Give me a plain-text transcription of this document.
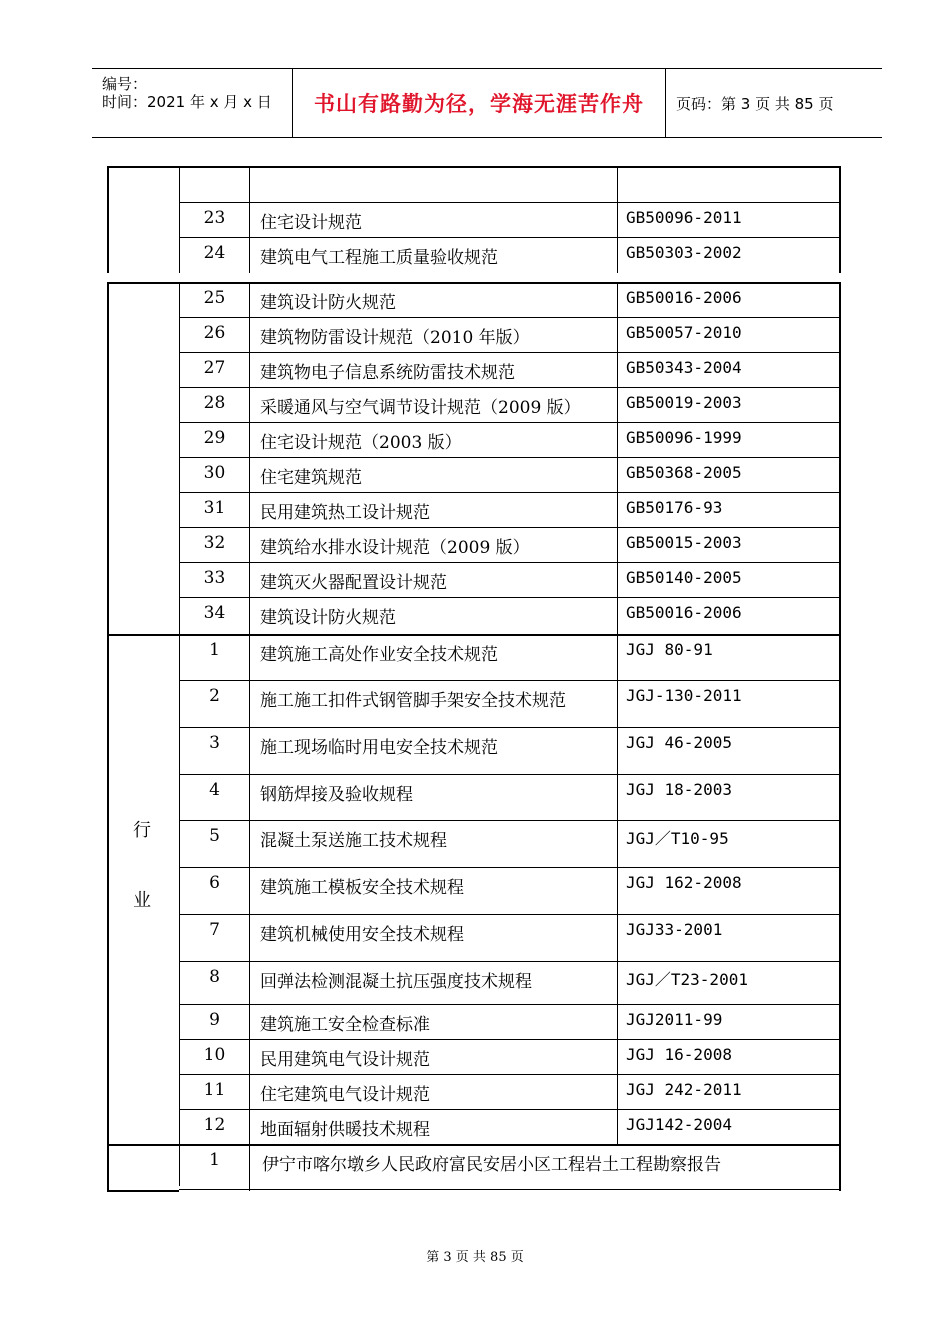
编号：
时间：2021 年 x 月 x 日 书山有路勤为径，学海无涯苦作舟 页码：第 3 页 共 85 页
行
业
23	住宅设计规范	GB50096-2011
24	建筑电气工程施工质量验收规范	GB50303-2002
25	建筑设计防火规范	GB50016-2006
26	建筑物防雷设计规范（2010 年版）	GB50057-2010
27	建筑物电子信息系统防雷技术规范	GB50343-2004
28	采暖通风与空气调节设计规范（2009 版）	GB50019-2003
29	住宅设计规范（2003 版）	GB50096-1999
30	住宅建筑规范	GB50368-2005
31	民用建筑热工设计规范	GB50176-93
32	建筑给水排水设计规范（2009 版）	GB50015-2003
33	建筑灭火器配置设计规范	GB50140-2005
34	建筑设计防火规范	GB50016-2006
1	建筑施工高处作业安全技术规范	JGJ 80-91
2	施工施工扣件式钢管脚手架安全技术规范	JGJ-130-2011
3	施工现场临时用电安全技术规范	JGJ 46-2005
4	钢筋焊接及验收规程	JGJ 18-2003
5	混凝土泵送施工技术规程	JGJ／T10-95
6	建筑施工模板安全技术规程	JGJ 162-2008
7	建筑机械使用安全技术规程	JGJ33-2001
8	回弹法检测混凝土抗压强度技术规程	JGJ／T23-2001
9	建筑施工安全检查标准	JGJ2011-99
10	民用建筑电气设计规范	JGJ 16-2008
11	住宅建筑电气设计规范	JGJ 242-2011
12	地面辐射供暖技术规程	JGJ142-2004
1	伊宁市喀尔墩乡人民政府富民安居小区工程岩土工程勘察报告
第 3 页 共 85 页
